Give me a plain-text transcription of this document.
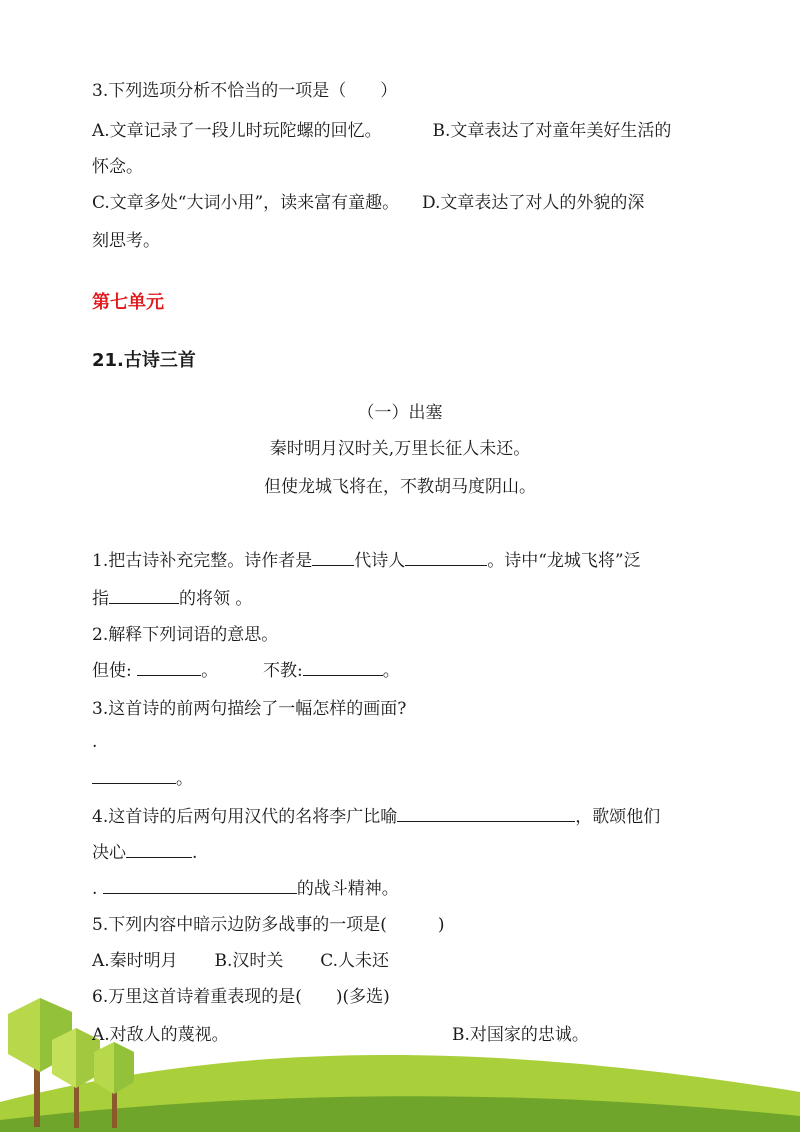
3.下列选项分析不恰当的一项是（　　）
A.文章记录了一段儿时玩陀螺的回忆。	B.文章表达了对童年美好生活的
怀念。
C.文章多处“大词小用”，读来富有童趣。 D.文章表达了对人的外貌的深
刻思考。
第七单元
21.古诗三首
（一）出塞
秦时明月汉时关,万里长征人未还。
但使龙城飞将在，不教胡马度阴山。
1.把古诗补充完整。诗作者是 代诗人	。诗中“龙城飞将”泛
指	的将领 。
2.解释下列词语的意思。
但使:	。	不教:	。
3.这首诗的前两句描绘了一幅怎样的画面?
.
。
4.这首诗的后两句用汉代的名将李广比喻	，歌颂他们
决心	.
.	的战斗精神。
5.下列内容中暗示边防多战事的一项是(　　　)
A.秦时明月 B.汉时关 C.人未还
6.万里这首诗着重表现的是(　　)(多选)
A.对敌人的蔑视。	B.对国家的忠诚。
